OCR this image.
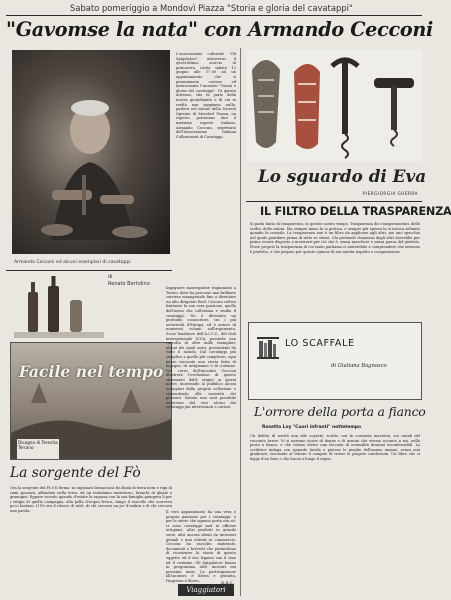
Sabato pomeriggio a Mondovì Piazza "Storia e gloria del cavatappi"
"Gavomse la nata" con Armando Cecconi
Armando Cecconi ed alcuni esemplari di cavatappi
di
Renato Bertolino
Facile nel tempo
Disegno di Teresita Terrano
La sorgente del Fò
Ora la sorgente del Fò è lì ferma: in ragionari lirmacciosi fra fiumi di terra nera e rupi di rami spezzati, affondate nella terra, ed un tentatamo misterioso, branchi di ghiaie e gramigne. Eppure ricordo quando d'estate la ragazza con la sua famiglia giungeva lì per i vitigni di quella campagna, alla polla d'acqua fresca, lungo il ruscello che scorreva poco lontano. Il Fò era il ritrovo di tutti: di chi cercava un po' d'ombra e di chi cercava una parola.
L'associazione culturale "Gli Spigolatori", attraverso il quest'ultimo scorcio di primavera, invita sabato 12 giugno alle 17.00 ad un appuntamento che si preannuncia curioso ed interessante l'incontro "Storia e gloria del cavatappi". Di questo attrezzo, che fa parte della nostra quotidianità e di cui in realtà non sappiamo nulla, parlerà nel salone della Società Operaia di Mondovì Piazza, un esperto, potremmo dire il massimo esperto italiano, Armando Cecconi, segretario dell'Associazione Italiana Collezionisti di Cavatappi.
Ingegnere monregalese trapiantato a Torino, dove ha percorso una brillante carriera manageriale fino a diventare un alto dirigente Enel, Cecconi coltiva frattanto la sua vera passione, quella dell'uomo che colleziona e studia il cavatappi. Ne è diventato un profondo conoscitore, tra i più autorevoli d'Europa, ed è autore di numerosi volumi sull'argomento. Socio fondatore dell'A.I.C.C., del club internazionale ICCA, possiede una raccolta di oltre mille esemplari, alcuni dei quali unici, provenienti da tutto il mondo. Dal cavatappi più semplice a quello più complesso, ogni pezzo racconta una storia fatta di ingegno, di artigianato e di costume. Nel corso dell'incontro Cecconi illustrerà l'evoluzione di questo strumento dalle origini ai giorni nostri, mostrando al pubblico alcuni esemplari della propria collezione e rispondendo alle curiosità dei presenti. Sabato non sarà possibile osservare dal vivo alcuni dei cavatappi più interessanti e curiosi.
Il vero appassionato ha una vera e propria passione per i cavatappi, e per le storie che ognuno porta con sé: ci sono cavatappi nati in officine artigiane, altri prodotti in grande serie, altri ancora ideati da inventori geniali e mai entrati in commercio. Cecconi ha raccolto materiale, documenti e brevetti che permettono di ricostruire la storia di questo oggetto ed il suo legame con il vino ed il costume. Gli Spigolatori hanno in programma altri incontri nei prossimi mesi. La partecipazione all'incontro è libera e gratuita, l'ingresso è libero.
Lo sguardo di Eva
PIERGIORGIA GUERRA
IL FILTRO DELLA TRASPARENZA
Si parla tanto di trasparenza, in questo nostro tempo. Trasparenza dei comportamenti, delle scelte, delle azioni. Ma sempre meno la si pratica, e sempre più spesso la si invoca soltanto quando fa comodo. La trasparenza non è un filtro da applicare agli altri, ma uno specchio nel quale guardare prima di tutto se stessi. Chi pretende chiarezza dagli altri dovrebbe per primo essere disposto a mostrarsi per ciò che è, senza maschere e senza paura del giudizio. Forse proprio la trasparenza di cui tanto parliamo ci aiuterebbe a comprendere che nessuno è perfetto, e che proprio per questo ognuno di noi merita rispetto e comprensione.
LO SCAFFALE
di Giuliana Bagnasco
L'orrore della porta a fianco
Rosetta Loy "Cuori infranti" nottetempo
Un delitto di novità non alle coperte, scritto con la consueta maestria, sui canali del racconto breve. Vi si narrano storie di donne e di uomini che vivono accanto a noi, nella porta a fianco, e che celano dietro una facciata di normalità drammi inconfessabili. La scrittrice indaga con sguardo lucido e pietoso le pieghe dell'animo umano, senza mai giudicare, lasciando al lettore il compito di trarre le proprie conclusioni. Un libro che si legge d'un fiato e che lascia a lungo il segno.
Viaggiatori
